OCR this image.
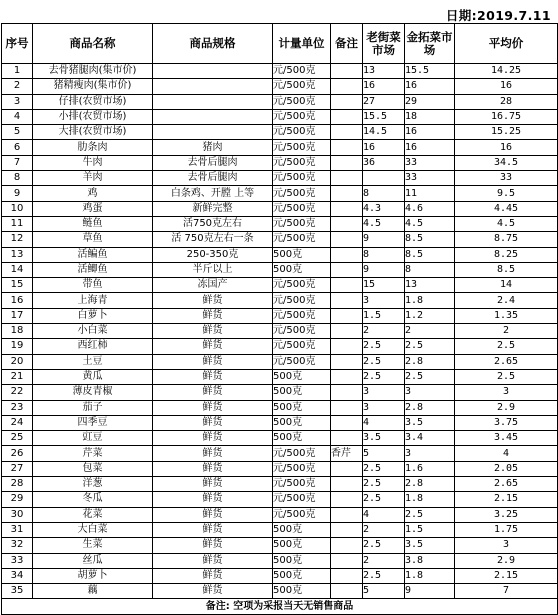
日期:2019.7.11
序号	商品名称	商品规格	计量单位	备注	老街菜市场	金拓菜市场	平均价
1	去骨猪腿肉(集市价)		元/500克		13	15.5	14.25
2	猪精瘦肉(集市价)		元/500克		16	16	16
3	仔排(农贸市场)		元/500克		27	29	28
4	小排(农贸市场)		元/500克		15.5	18	16.75
5	大排(农贸市场)		元/500克		14.5	16	15.25
6	肋条肉	猪肉	元/500克		16	16	16
7	牛肉	去骨后腿肉	元/500克		36	33	34.5
8	羊肉	去骨后腿肉	元/500克			33	33
9	鸡	白条鸡、开膛 上等	元/500克		8	11	9.5
10	鸡蛋	新鲜完整	元/500克		4.3	4.6	4.45
11	鲢鱼	活750克左右	元/500克		4.5	4.5	4.5
12	草鱼	活 750克左右一条	元/500克		9	8.5	8.75
13	活鳊鱼	250-350克	500克		8	8.5	8.25
14	活鲫鱼	半斤以上	500克		9	8	8.5
15	带鱼	冻国产	元/500克		15	13	14
16	上海青	鲜货	元/500克		3	1.8	2.4
17	白萝卜	鲜货	元/500克		1.5	1.2	1.35
18	小白菜	鲜货	元/500克		2	2	2
19	西红柿	鲜货	元/500克		2.5	2.5	2.5
20	土豆	鲜货	元/500克		2.5	2.8	2.65
21	黄瓜	鲜货	500克		2.5	2.5	2.5
22	薄皮青椒	鲜货	500克		3	3	3
23	茄子	鲜货	500克		3	2.8	2.9
24	四季豆	鲜货	500克		4	3.5	3.75
25	豇豆	鲜货	500克		3.5	3.4	3.45
26	芹菜	鲜货	元/500克	香芹	5	3	4
27	包菜	鲜货	元/500克		2.5	1.6	2.05
28	洋葱	鲜货	元/500克		2.5	2.8	2.65
29	冬瓜	鲜货	元/500克		2.5	1.8	2.15
30	花菜	鲜货	元/500克		4	2.5	3.25
31	大白菜	鲜货	500克		2	1.5	1.75
32	生菜	鲜货	500克		2.5	3.5	3
33	丝瓜	鲜货	500克		2	3.8	2.9
34	胡萝卜	鲜货	500克		2.5	1.8	2.15
35	藕	鲜货	500克		5	9	7
备注: 空项为采报当天无销售商品							
